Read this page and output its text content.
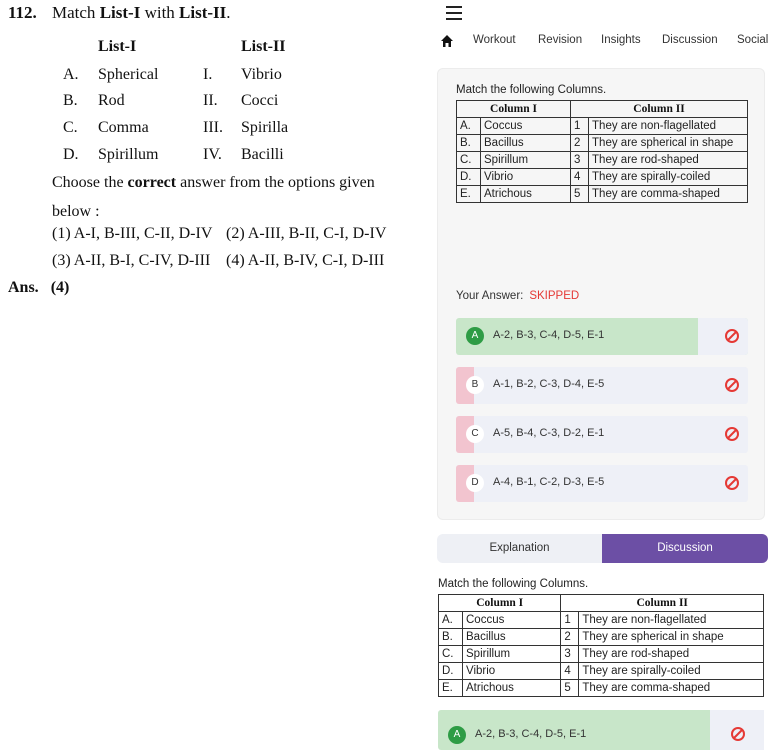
112. Match List-I with List-II.
List-I	List-II
A. Spherical	I. Vibrio
B. Rod	II. Cocci
C. Comma	III. Spirilla
D. Spirillum	IV. Bacilli
Choose the correct answer from the options given below :
(1) A-I, B-III, C-II, D-IV (2) A-III, B-II, C-I, D-IV
(3) A-II, B-I, C-IV, D-III (4) A-II, B-IV, C-I, D-III
Ans. (4)
Workout Revision Insights Discussion Social
Match the following Columns.
Column I		Column II	
A.	Coccus	1	They are non-flagellated
B.	Bacillus	2	They are spherical in shape
C.	Spirillum	3	They are rod-shaped
D.	Vibrio	4	They are spirally-coiled
E.	Atrichous	5	They are comma-shaped
Your Answer: SKIPPED
A	A-2, B-3, C-4, D-5, E-1
B	A-1, B-2, C-3, D-4, E-5
C	A-5, B-4, C-3, D-2, E-1
D	A-4, B-1, C-2, D-3, E-5
Explanation	Discussion
Match the following Columns.
Column I		Column II	
A.	Coccus	1	They are non-flagellated
B.	Bacillus	2	They are spherical in shape
C.	Spirillum	3	They are rod-shaped
D.	Vibrio	4	They are spirally-coiled
E.	Atrichous	5	They are comma-shaped
A	A-2, B-3, C-4, D-5, E-1
